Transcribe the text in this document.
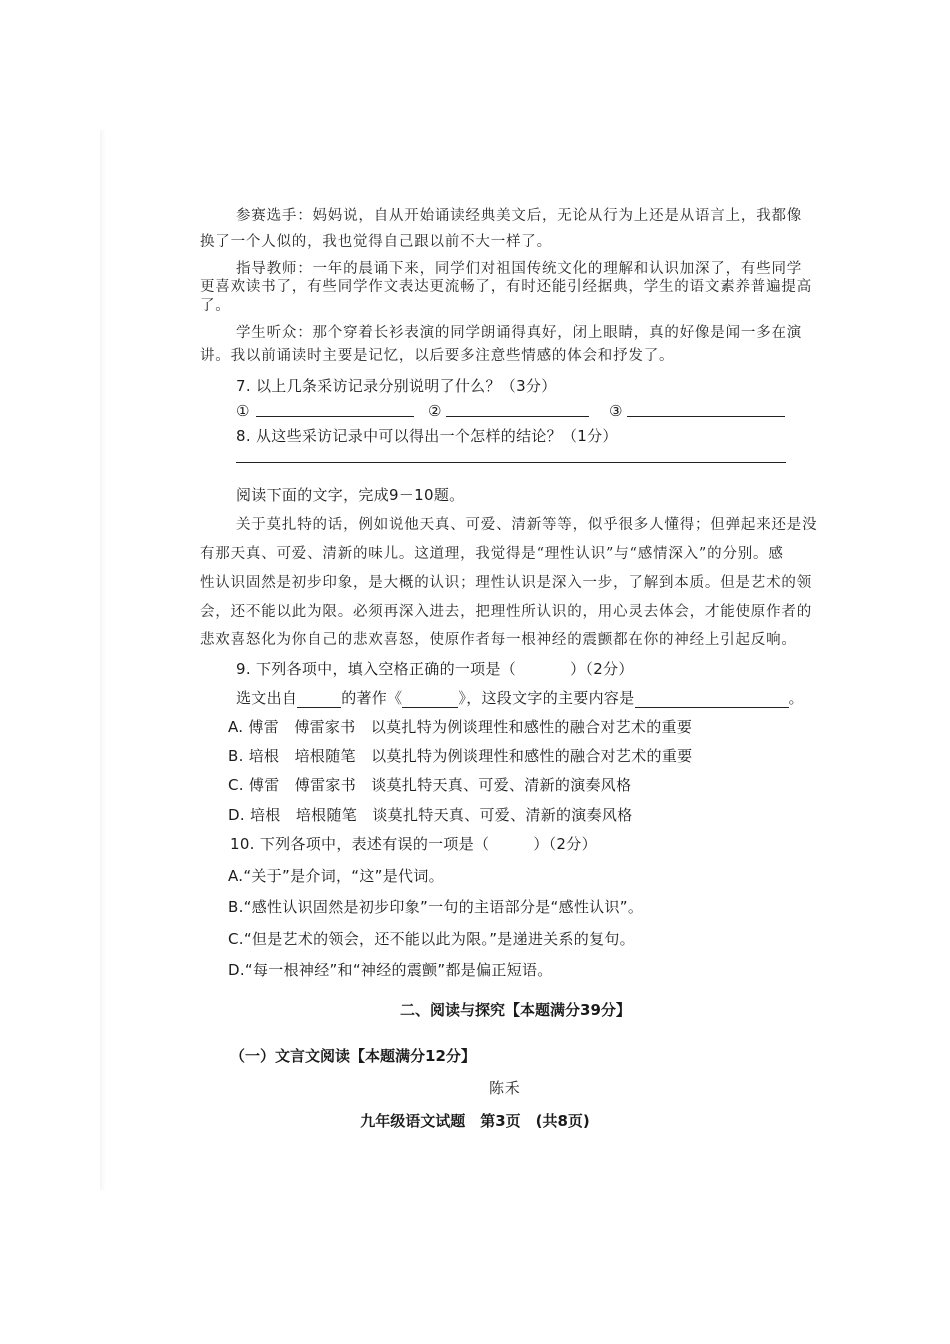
参赛选手：妈妈说，自从开始诵读经典美文后，无论从行为上还是从语言上，我都像
换了一个人似的，我也觉得自己跟以前不大一样了。
指导教师：一年的晨诵下来，同学们对祖国传统文化的理解和认识加深了，有些同学
更喜欢读书了，有些同学作文表达更流畅了，有时还能引经据典，学生的语文素养普遍提高
了。
学生听众：那个穿着长衫表演的同学朗诵得真好，闭上眼睛，真的好像是闻一多在演
讲。我以前诵读时主要是记忆，以后要多注意些情感的体会和抒发了。
7. 以上几条采访记录分别说明了什么？（3分）
①	②	③
8. 从这些采访记录中可以得出一个怎样的结论？（1分）
阅读下面的文字，完成9－10题。
关于莫扎特的话，例如说他天真、可爱、清新等等，似乎很多人懂得；但弹起来还是没
有那天真、可爱、清新的味儿。这道理，我觉得是“理性认识”与“感情深入”的分别。感
性认识固然是初步印象，是大概的认识；理性认识是深入一步，了解到本质。但是艺术的领
会，还不能以此为限。必须再深入进去，把理性所认识的，用心灵去体会，才能使原作者的
悲欢喜怒化为你自己的悲欢喜怒，使原作者每一根神经的震颤都在你的神经上引起反响。
9. 下列各项中，填入空格正确的一项是（	）（2分）
选文出自	的著作《	》，这段文字的主要内容是	。
A. 傅雷　傅雷家书　以莫扎特为例谈理性和感性的融合对艺术的重要
B. 培根　培根随笔　以莫扎特为例谈理性和感性的融合对艺术的重要
C. 傅雷　傅雷家书　谈莫扎特天真、可爱、清新的演奏风格
D. 培根　培根随笔　谈莫扎特天真、可爱、清新的演奏风格
10. 下列各项中，表述有误的一项是（	）（2分）
A.“关于”是介词，“这”是代词。
B.“感性认识固然是初步印象”一句的主语部分是“感性认识”。
C.“但是艺术的领会，还不能以此为限。”是递进关系的复句。
D.“每一根神经”和“神经的震颤”都是偏正短语。
二、阅读与探究【本题满分39分】
（一）文言文阅读【本题满分12分】
陈禾
九年级语文试题　第3页　(共8页)
